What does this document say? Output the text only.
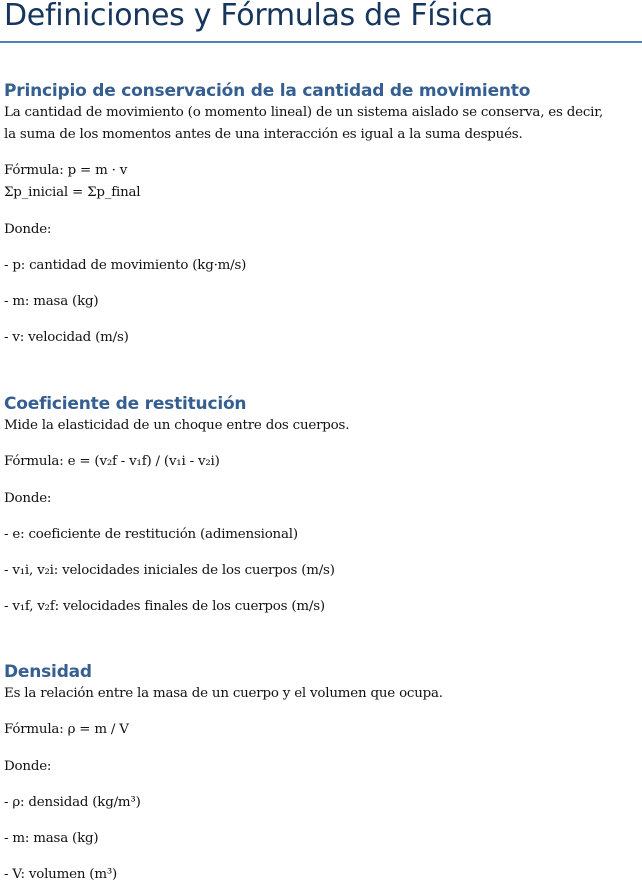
Definiciones y Fórmulas de Física
Principio de conservación de la cantidad de movimiento

La cantidad de movimiento (o momento lineal) de un sistema aislado se conserva, es decir,

la suma de los momentos antes de una interacción es igual a la suma después.

Fórmula: p = m · v

Σp_inicial = Σp_final

Donde:

- p: cantidad de movimiento (kg·m/s)

- m: masa (kg)

- v: velocidad (m/s)

Coeficiente de restitución

Mide la elasticidad de un choque entre dos cuerpos.

Fórmula: e = (v₂f - v₁f) / (v₁i - v₂i)

Donde:

- e: coeficiente de restitución (adimensional)

- v₁i, v₂i: velocidades iniciales de los cuerpos (m/s)

- v₁f, v₂f: velocidades finales de los cuerpos (m/s)

Densidad

Es la relación entre la masa de un cuerpo y el volumen que ocupa.

Fórmula: ρ = m / V

Donde:

- ρ: densidad (kg/m³)

- m: masa (kg)

- V: volumen (m³)
